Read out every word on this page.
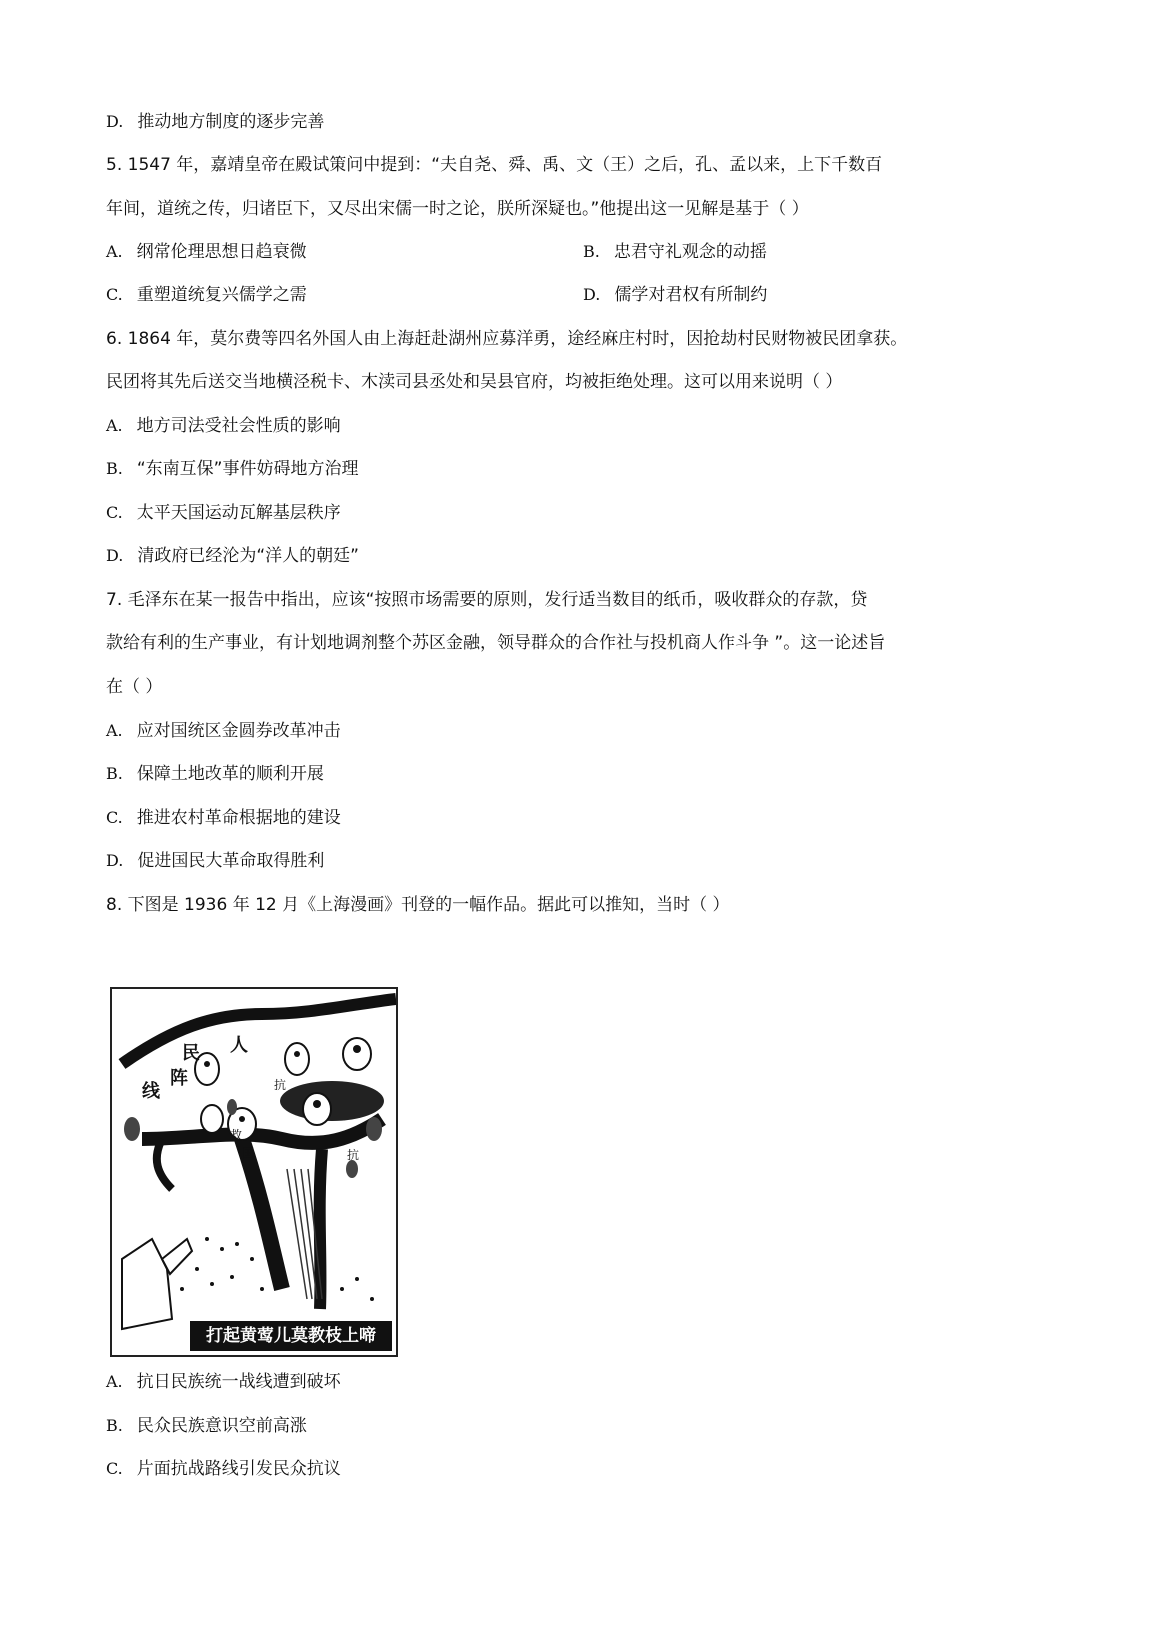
D. 推动地方制度的逐步完善
5. 1547 年，嘉靖皇帝在殿试策问中提到：“夫自尧、舜、禹、文（王）之后，孔、孟以来，上下千数百
年间，道统之传，归诸臣下，又尽出宋儒一时之论，朕所深疑也。”他提出这一见解是基于（ ）
A. 纲常伦理思想日趋衰微	B. 忠君守礼观念的动摇
C. 重塑道统复兴儒学之需	D. 儒学对君权有所制约
6. 1864 年，莫尔费等四名外国人由上海赶赴湖州应募洋勇，途经麻庄村时，因抢劫村民财物被民团拿获。
民团将其先后送交当地横泾税卡、木渎司县丞处和吴县官府，均被拒绝处理。这可以用来说明（ ）
A. 地方司法受社会性质的影响
B. “东南互保”事件妨碍地方治理
C. 太平天国运动瓦解基层秩序
D. 清政府已经沦为“洋人的朝廷”
7. 毛泽东在某一报告中指出，应该“按照市场需要的原则，发行适当数目的纸币，吸收群众的存款，贷
款给有利的生产事业，有计划地调剂整个苏区金融，领导群众的合作社与投机商人作斗争 ”。这一论述旨
在（ ）
A. 应对国统区金圆券改革冲击
B. 保障土地改革的顺利开展
C. 推进农村革命根据地的建设
D. 促进国民大革命取得胜利
8. 下图是 1936 年 12 月《上海漫画》刊登的一幅作品。据此可以推知，当时（ ）
民 人
阵
线	抗
救
国	抗
打起黄莺儿莫教枝上啼
A. 抗日民族统一战线遭到破坏
B. 民众民族意识空前高涨
C. 片面抗战路线引发民众抗议
